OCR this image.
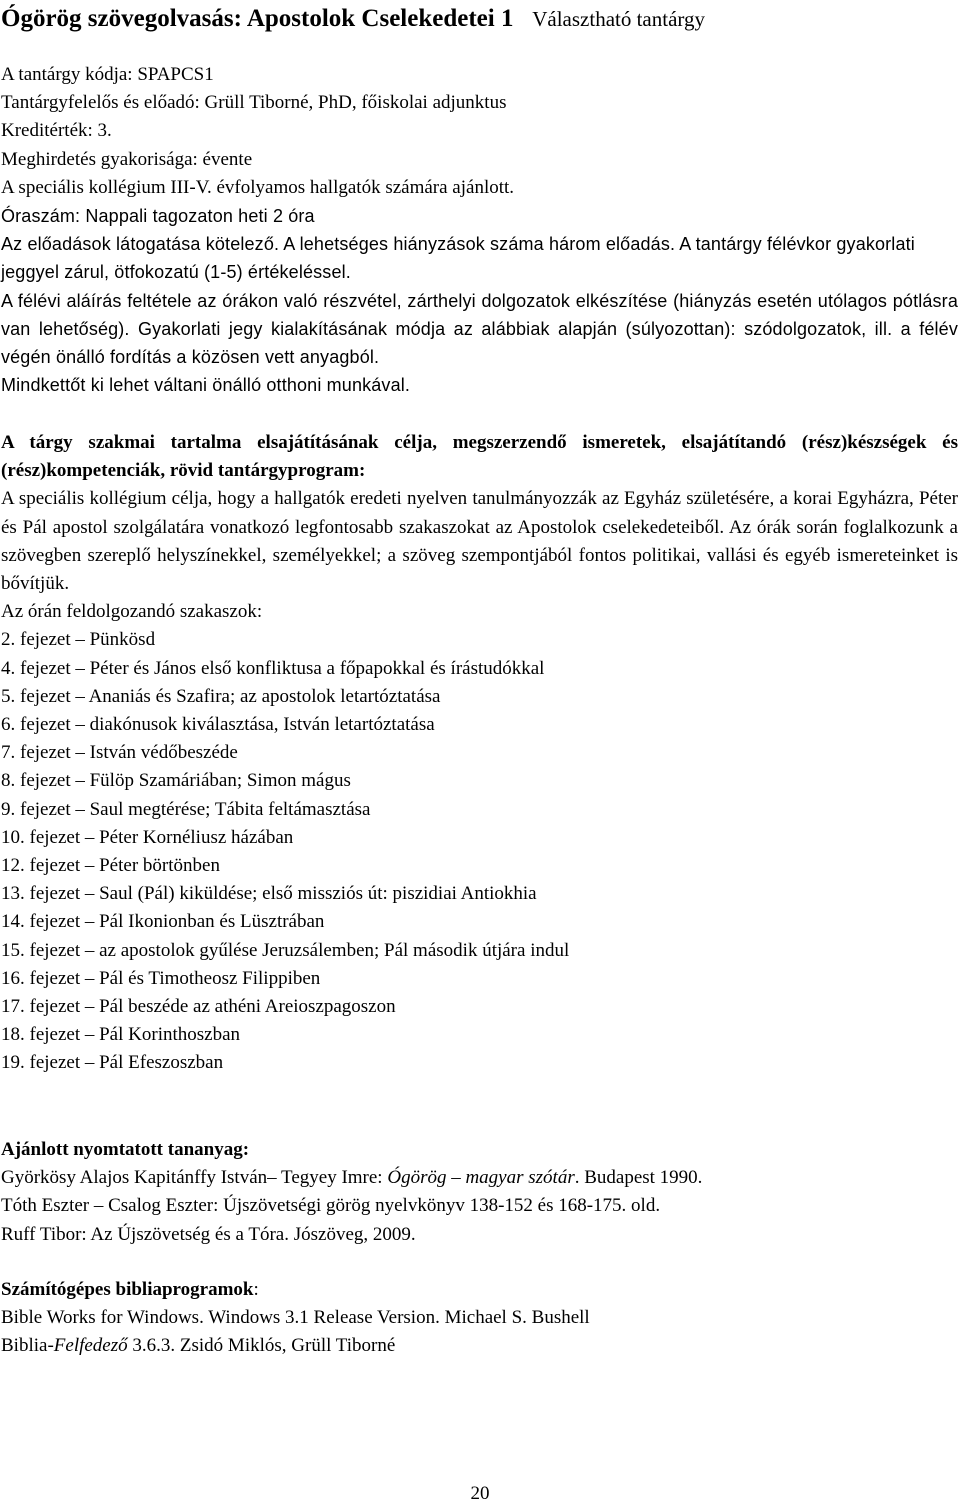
Ógörög szövegolvasás: Apostolok Cselekedetei 1 Választható tantárgy
A tantárgy kódja: SPAPCS1
Tantárgyfelelős és előadó: Grüll Tiborné, PhD, főiskolai adjunktus
Kreditérték: 3.
Meghirdetés gyakorisága: évente
A speciális kollégium III-V. évfolyamos hallgatók számára ajánlott.
Óraszám: Nappali tagozaton heti 2 óra
Az előadások látogatása kötelező. A lehetséges hiányzások száma három előadás. A tantárgy félévkor gyakorlati jeggyel zárul, ötfokozatú (1-5) értékeléssel.
A félévi aláírás feltétele az órákon való részvétel, zárthelyi dolgozatok elkészítése (hiányzás esetén utólagos pótlásra van lehetőség). Gyakorlati jegy kialakításának módja az alábbiak alapján (súlyozottan): szódolgozatok, ill. a félév végén önálló fordítás a közösen vett anyagból.
Mindkettőt ki lehet váltani önálló otthoni munkával.
A tárgy szakmai tartalma elsajátításának célja, megszerzendő ismeretek, elsajátítandó (rész)készségek és (rész)kompetenciák, rövid tantárgyprogram:
A speciális kollégium célja, hogy a hallgatók eredeti nyelven tanulmányozzák az Egyház születésére, a korai Egyházra, Péter és Pál apostol szolgálatára vonatkozó legfontosabb szakaszokat az Apostolok cselekedeteiből. Az órák során foglalkozunk a szövegben szereplő helyszínekkel, személyekkel; a szöveg szempontjából fontos politikai, vallási és egyéb ismereteinket is bővítjük.
Az órán feldolgozandó szakaszok:
2. fejezet – Pünkösd
4. fejezet – Péter és János első konfliktusa a főpapokkal és írástudókkal
5. fejezet – Ananiás és Szafira; az apostolok letartóztatása
6. fejezet – diakónusok kiválasztása, István letartóztatása
7. fejezet – István védőbeszéde
8. fejezet – Fülöp Szamáriában; Simon mágus
9. fejezet – Saul megtérése; Tábita feltámasztása
10. fejezet – Péter Kornéliusz házában
12. fejezet – Péter börtönben
13. fejezet – Saul (Pál) kiküldése; első missziós út: piszidiai Antiokhia
14. fejezet – Pál Ikonionban és Lüsztrában
15. fejezet – az apostolok gyűlése Jeruzsálemben; Pál második útjára indul
16. fejezet – Pál és Timotheosz Filippiben
17. fejezet – Pál beszéde az athéni Areioszpagoszon
18. fejezet – Pál Korinthoszban
19. fejezet – Pál Efeszoszban
Ajánlott nyomtatott tananyag:
Györkösy Alajos Kapitánffy István– Tegyey Imre: Ógörög – magyar szótár. Budapest 1990.
Tóth Eszter – Csalog Eszter: Újszövetségi görög nyelvkönyv 138-152 és 168-175. old.
Ruff Tibor: Az Újszövetség és a Tóra. Jószöveg, 2009.
Számítógépes bibliaprogramok:
Bible Works for Windows. Windows 3.1 Release Version. Michael S. Bushell
Biblia-Felfedező 3.6.3. Zsidó Miklós, Grüll Tiborné
20
